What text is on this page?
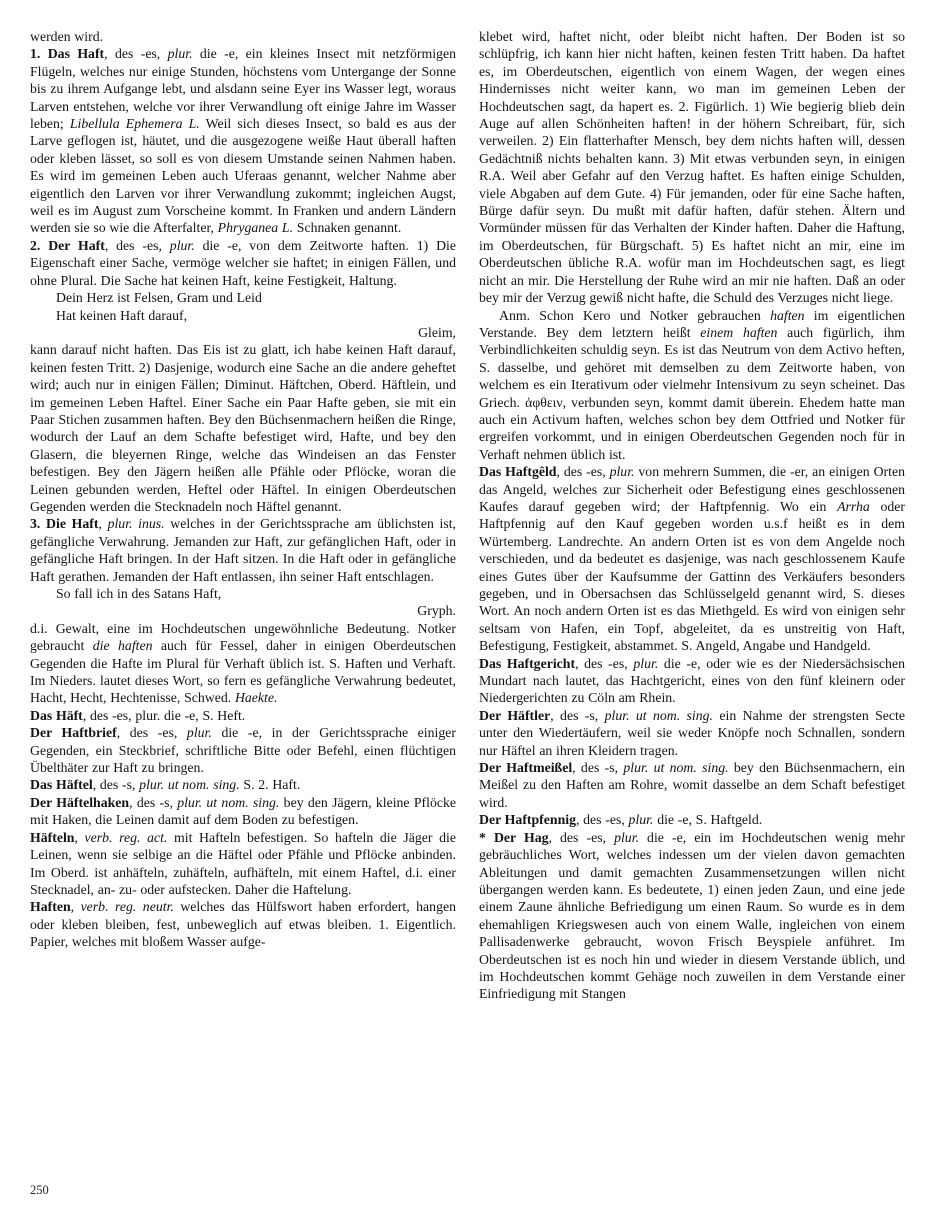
werden wird.

1. Das Haft, des -es, plur. die -e, ein kleines Insect mit netzförmigen Flügeln, welches nur einige Stunden, höchstens vom Untergange der Sonne bis zu ihrem Aufgange lebt, und alsdann seine Eyer ins Wasser legt, woraus Larven entstehen, welche vor ihrer Verwandlung oft einige Jahre im Wasser leben; Libellula Ephemera L. Weil sich dieses Insect, so bald es aus der Larve geflogen ist, häutet, und die ausgezogene weiße Haut überall haften oder kleben lässet, so soll es von diesem Umstande seinen Nahmen haben. Es wird im gemeinen Leben auch Uferaas genannt, welcher Nahme aber eigentlich den Larven vor ihrer Verwandlung zukommt; ingleichen Augst, weil es im August zum Vorscheine kommt. In Franken und andern Ländern werden sie so wie die Afterfalter, Phryganea L. Schnaken genannt.

2. Der Haft, des -es, plur. die -e, von dem Zeitworte haften. 1) Die Eigenschaft einer Sache, vermöge welcher sie haftet; in einigen Fällen, und ohne Plural. Die Sache hat keinen Haft, keine Festigkeit, Haltung.

Dein Herz ist Felsen, Gram und Leid

Hat keinen Haft darauf,

Gleim,

kann darauf nicht haften. Das Eis ist zu glatt, ich habe keinen Haft darauf, keinen festen Tritt. 2) Dasjenige, wodurch eine Sache an die andere geheftet wird; auch nur in einigen Fällen; Diminut. Häftchen, Oberd. Häftlein, und im gemeinen Leben Haftel. Einer Sache ein Paar Hafte geben, sie mit ein Paar Stichen zusammen haften. Bey den Büchsenmachern heißen die Ringe, wodurch der Lauf an dem Schafte befestiget wird, Hafte, und bey den Glasern, die bleyernen Ringe, welche das Windeisen an das Fenster befestigen. Bey den Jägern heißen alle Pfähle oder Pflöcke, woran die Leinen gebunden werden, Heftel oder Häftel. In einigen Oberdeutschen Gegenden werden die Stecknadeln noch Häftel genannt.

3. Die Haft, plur. inus. welches in der Gerichtssprache am üblichsten ist, gefängliche Verwahrung. Jemanden zur Haft, zur gefänglichen Haft, oder in gefängliche Haft bringen. In der Haft sitzen. In die Haft oder in gefängliche Haft gerathen. Jemanden der Haft entlassen, ihn seiner Haft entschlagen.

So fall ich in des Satans Haft,

Gryph.

d.i. Gewalt, eine im Hochdeutschen ungewöhnliche Bedeutung. Notker gebraucht die haften auch für Fessel, daher in einigen Oberdeutschen Gegenden die Hafte im Plural für Verhaft üblich ist. S. Haften und Verhaft. Im Nieders. lautet dieses Wort, so fern es gefängliche Verwahrung bedeutet, Hacht, Hecht, Hechtenisse, Schwed. Haekte.

Das Häft, des -es, plur. die -e, S. Heft.

Der Haftbrief, des -es, plur. die -e, in der Gerichtssprache einiger Gegenden, ein Steckbrief, schriftliche Bitte oder Befehl, einen flüchtigen Übelthäter zur Haft zu bringen.

Das Häftel, des -s, plur. ut nom. sing. S. 2. Haft.

Der Häftelhaken, des -s, plur. ut nom. sing. bey den Jägern, kleine Pflöcke mit Haken, die Leinen damit auf dem Boden zu befestigen.

Häfteln, verb. reg. act. mit Hafteln befestigen. So hafteln die Jäger die Leinen, wenn sie selbige an die Häftel oder Pfähle und Pflöcke anbinden. Im Oberd. ist anhäfteln, zuhäfteln, aufhäfteln, mit einem Haftel, d.i. einer Stecknadel, an- zu- oder aufstecken. Daher die Haftelung.

Haften, verb. reg. neutr. welches das Hülfswort haben erfordert, hangen oder kleben bleiben, fest, unbeweglich auf etwas bleiben. 1. Eigentlich. Papier, welches mit bloßem Wasser aufge-

klebet wird, haftet nicht, oder bleibt nicht haften. Der Boden ist so schlüpfrig, ich kann hier nicht haften, keinen festen Tritt haben. Da haftet es, im Oberdeutschen, eigentlich von einem Wagen, der wegen eines Hindernisses nicht weiter kann, wo man im gemeinen Leben der Hochdeutschen sagt, da hapert es. 2. Figürlich. 1) Wie begierig blieb dein Auge auf allen Schönheiten haften! in der höhern Schreibart, für, sich verweilen. 2) Ein flatterhafter Mensch, bey dem nichts haften will, dessen Gedächtniß nichts behalten kann. 3) Mit etwas verbunden seyn, in einigen R.A. Weil aber Gefahr auf den Verzug haftet. Es haften einige Schulden, viele Abgaben auf dem Gute. 4) Für jemanden, oder für eine Sache haften, Bürge dafür seyn. Du mußt mit dafür haften, dafür stehen. Ältern und Vormünder müssen für das Verhalten der Kinder haften. Daher die Haftung, im Oberdeutschen, für Bürgschaft. 5) Es haftet nicht an mir, eine im Oberdeutschen übliche R.A. wofür man im Hochdeutschen sagt, es liegt nicht an mir. Die Herstellung der Ruhe wird an mir nie haften. Daß an oder bey mir der Verzug gewiß nicht hafte, die Schuld des Verzuges nicht liege.

Anm. Schon Kero und Notker gebrauchen haften im eigentlichen Verstande. Bey dem letztern heißt einem haften auch figürlich, ihm Verbindlichkeiten schuldig seyn. Es ist das Neutrum von dem Activo heften, S. dasselbe, und gehöret mit demselben zu dem Zeitworte haben, von welchem es ein Iterativum oder vielmehr Intensivum zu seyn scheinet. Das Griech. ἀφθειν, verbunden seyn, kommt damit überein. Ehedem hatte man auch ein Activum haften, welches schon bey dem Ottfried und Notker für ergreifen vorkommt, und in einigen Oberdeutschen Gegenden noch für in Verhaft nehmen üblich ist.

Das Haftgêld, des -es, plur. von mehrern Summen, die -er, an einigen Orten das Angeld, welches zur Sicherheit oder Befestigung eines geschlossenen Kaufes darauf gegeben wird; der Haftpfennig. Wo ein Arrha oder Haftpfennig auf den Kauf gegeben worden u.s.f heißt es in dem Würtemberg. Landrechte. An andern Orten ist es von dem Angelde noch verschieden, und da bedeutet es dasjenige, was nach geschlossenem Kaufe eines Gutes über der Kaufsumme der Gattinn des Verkäufers besonders gegeben, und in Obersachsen das Schlüsselgeld genannt wird, S. dieses Wort. An noch andern Orten ist es das Miethgeld. Es wird von einigen sehr seltsam von Hafen, ein Topf, abgeleitet, da es unstreitig von Haft, Befestigung, Festigkeit, abstammet. S. Angeld, Angabe und Handgeld.

Das Haftgericht, des -es, plur. die -e, oder wie es der Niedersächsischen Mundart nach lautet, das Hachtgericht, eines von den fünf kleinern oder Niedergerichten zu Cöln am Rhein.

Der Häftler, des -s, plur. ut nom. sing. ein Nahme der strengsten Secte unter den Wiedertäufern, weil sie weder Knöpfe noch Schnallen, sondern nur Häftel an ihren Kleidern tragen.

Der Haftmeißel, des -s, plur. ut nom. sing. bey den Büchsenmachern, ein Meißel zu den Haften am Rohre, womit dasselbe an dem Schaft befestiget wird.

Der Haftpfennig, des -es, plur. die -e, S. Haftgeld.

* Der Hag, des -es, plur. die -e, ein im Hochdeutschen wenig mehr gebräuchliches Wort, welches indessen um der vielen davon gemachten Ableitungen und damit gemachten Zusammensetzungen willen nicht übergangen werden kann. Es bedeutete, 1) einen jeden Zaun, und eine jede einem Zaune ähnliche Befriedigung um einen Raum. So wurde es in dem ehemahligen Kriegswesen auch von einem Walle, ingleichen von einem Pallisadenwerke gebraucht, wovon Frisch Beyspiele anführet. Im Oberdeutschen ist es noch hin und wieder in diesem Verstande üblich, und im Hochdeutschen kommt Gehäge noch zuweilen in dem Verstande einer Einfriedigung mit Stangen

250
